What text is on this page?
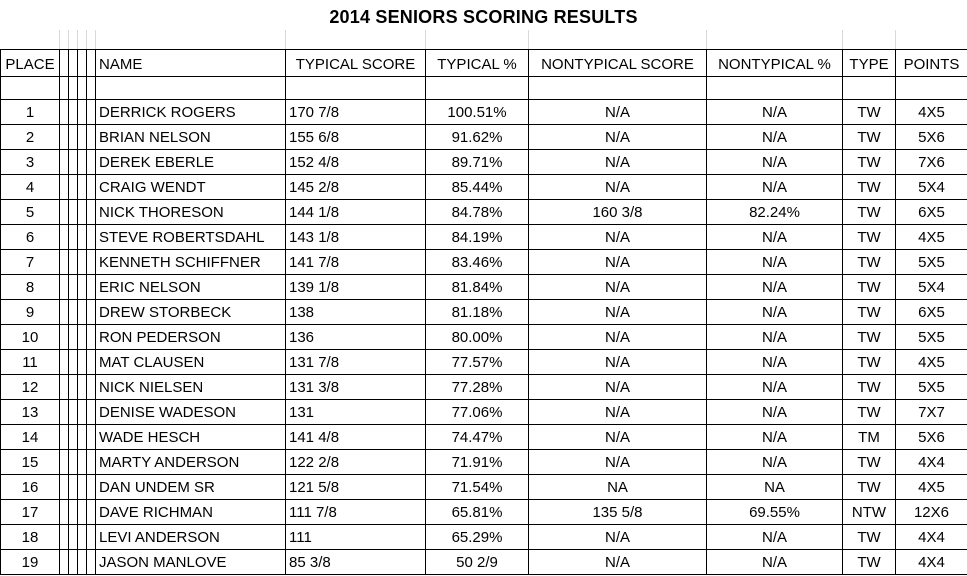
2014 SENIORS SCORING RESULTS
PLACE					NAME	TYPICAL SCORE	TYPICAL %	NONTYPICAL SCORE	NONTYPICAL %	TYPE	POINTS

1					DERRICK ROGERS	170 7/8	100.51%	N/A	N/A	TW	4X5
2					BRIAN NELSON	155 6/8	91.62%	N/A	N/A	TW	5X6
3					DEREK EBERLE	152 4/8	89.71%	N/A	N/A	TW	7X6
4					CRAIG WENDT	145 2/8	85.44%	N/A	N/A	TW	5X4
5					NICK THORESON	144 1/8	84.78%	160 3/8	82.24%	TW	6X5
6					STEVE ROBERTSDAHL	143 1/8	84.19%	N/A	N/A	TW	4X5
7					KENNETH SCHIFFNER	141 7/8	83.46%	N/A	N/A	TW	5X5
8					ERIC NELSON	139 1/8	81.84%	N/A	N/A	TW	5X4
9					DREW STORBECK	138	81.18%	N/A	N/A	TW	6X5
10					RON PEDERSON	136	80.00%	N/A	N/A	TW	5X5
11					MAT CLAUSEN	131 7/8	77.57%	N/A	N/A	TW	4X5
12					NICK NIELSEN	131 3/8	77.28%	N/A	N/A	TW	5X5
13					DENISE WADESON	131	77.06%	N/A	N/A	TW	7X7
14					WADE HESCH	141 4/8	74.47%	N/A	N/A	TM	5X6
15					MARTY ANDERSON	122 2/8	71.91%	N/A	N/A	TW	4X4
16					DAN UNDEM SR	121 5/8	71.54%	NA	NA	TW	4X5
17					DAVE RICHMAN	111 7/8	65.81%	135 5/8	69.55%	NTW	12X6
18					LEVI ANDERSON	111	65.29%	N/A	N/A	TW	4X4
19					JASON MANLOVE	85 3/8	50 2/9	N/A	N/A	TW	4X4
